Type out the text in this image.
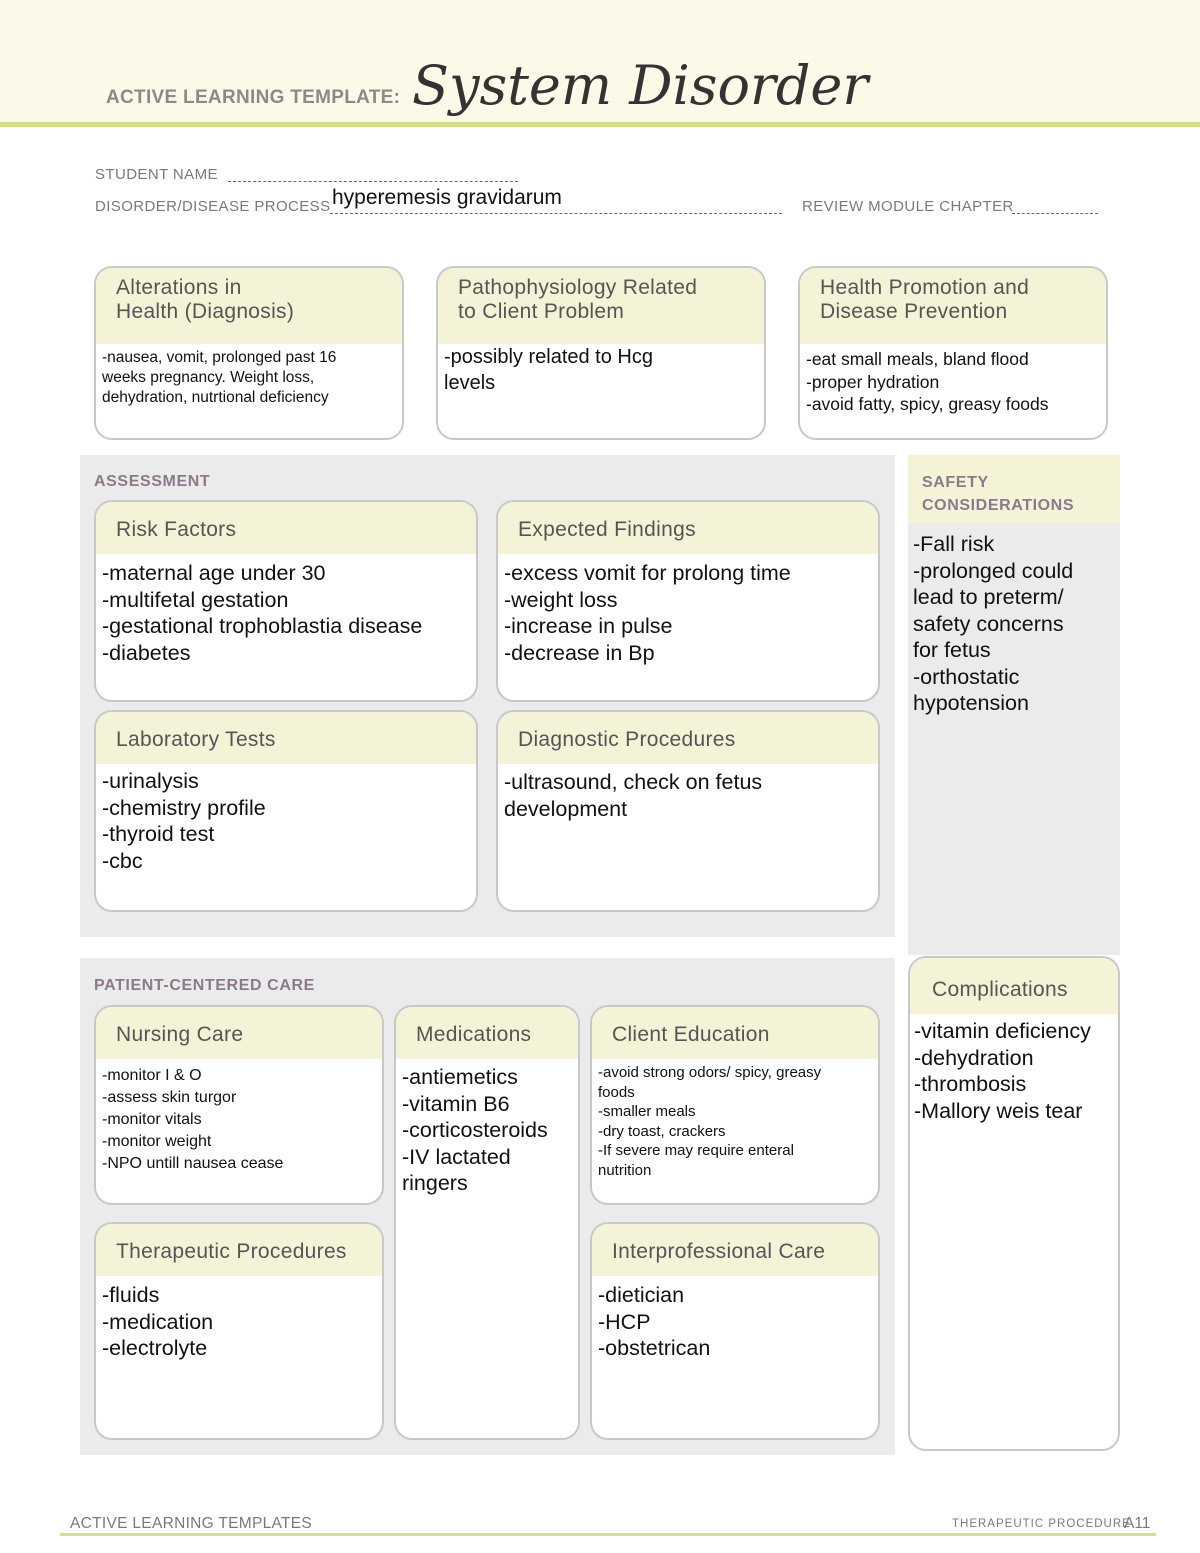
ACTIVE LEARNING TEMPLATE: System Disorder
STUDENT NAME
DISORDER/DISEASE PROCESS hyperemesis gravidarum	REVIEW MODULE CHAPTER
Alterations in
Health (Diagnosis)
-nausea, vomit, prolonged past 16
weeks pregnancy. Weight loss,
dehydration, nutrtional deficiency
Pathophysiology Related
to Client Problem
-possibly related to Hcg
levels
Health Promotion and
Disease Prevention
-eat small meals, bland flood
-proper hydration
-avoid fatty, spicy, greasy foods
ASSESSMENT
Risk Factors
-maternal age under 30
-multifetal gestation
-gestational trophoblastia disease
-diabetes
Expected Findings
-excess vomit for prolong time
-weight loss
-increase in pulse
-decrease in Bp
Laboratory Tests
-urinalysis
-chemistry profile
-thyroid test
-cbc
Diagnostic Procedures
-ultrasound, check on fetus
development
SAFETY
CONSIDERATIONS
-Fall risk
-prolonged could
lead to preterm/
safety concerns
for fetus
-orthostatic
hypotension
PATIENT-CENTERED CARE
Nursing Care
-monitor I & O
-assess skin turgor
-monitor vitals
-monitor weight
-NPO untill nausea cease
Medications
-antiemetics
-vitamin B6
-corticosteroids
-IV lactated
ringers
Client Education
-avoid strong odors/ spicy, greasy
foods
-smaller meals
-dry toast, crackers
-If severe may require enteral
nutrition
Therapeutic Procedures
-fluids
-medication
-electrolyte
Interprofessional Care
-dietician
-HCP
-obstetrican
Complications
-vitamin deficiency
-dehydration
-thrombosis
-Mallory weis tear
ACTIVE LEARNING TEMPLATES	THERAPEUTIC PROCEDURE
A11
